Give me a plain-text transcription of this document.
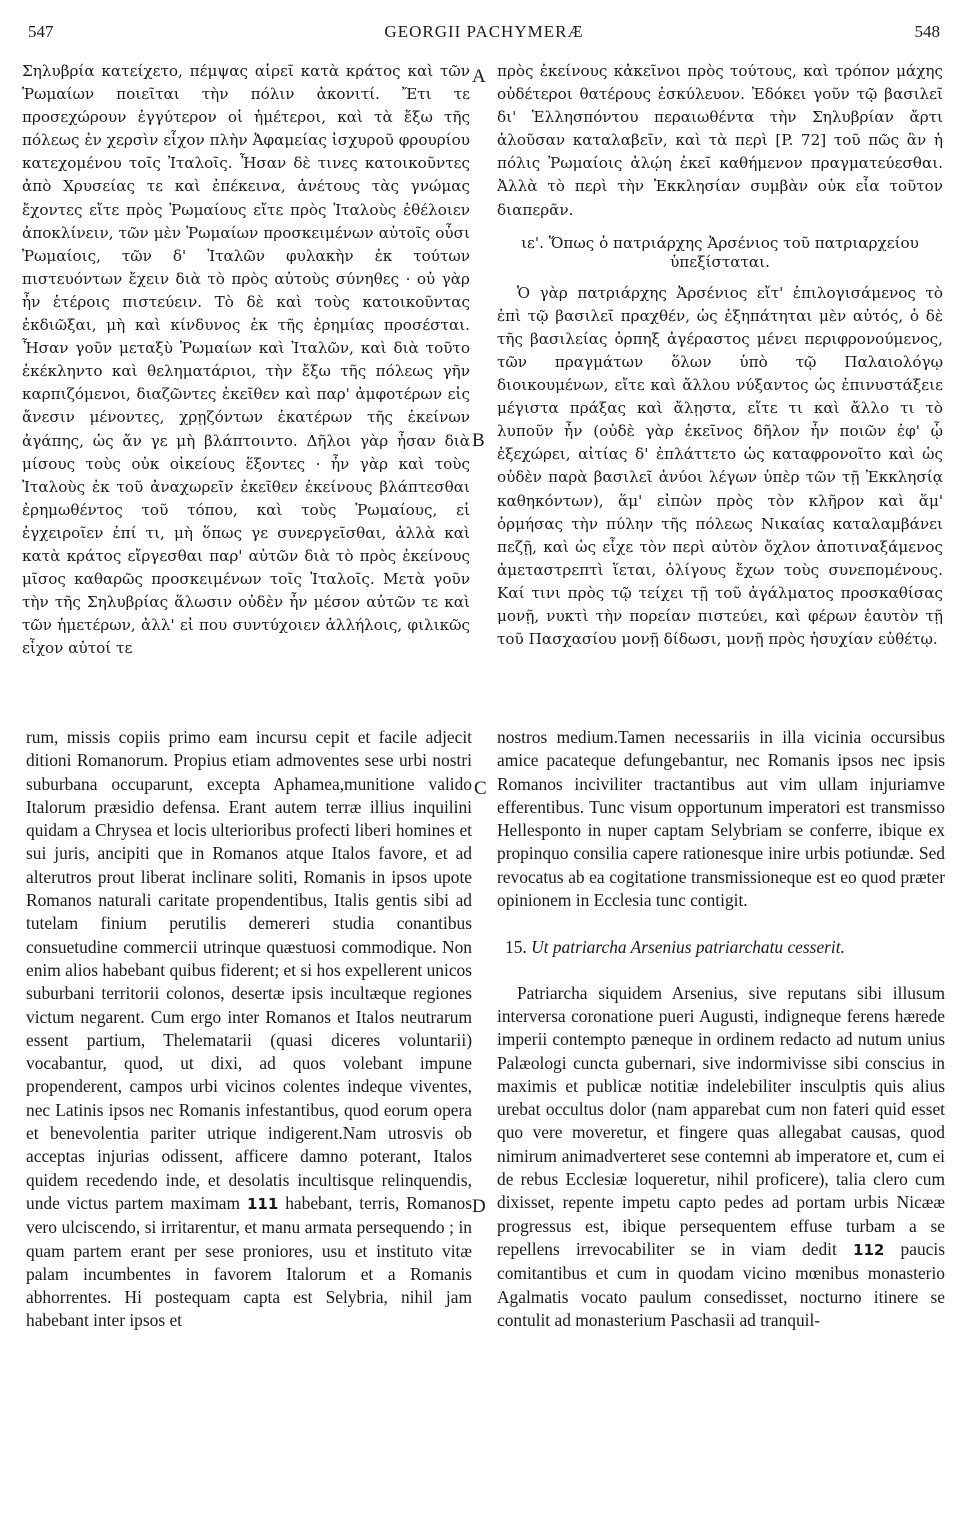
547	GEORGII PACHYMERÆ	548

Σηλυβρία κατείχετο, πέμψας αἱρεῖ κατὰ κράτος καὶ τῶν Ῥωμαίων ποιεῖται τὴν πόλιν ἀκονιτί. Ἔτι τε προσεχώρουν ἐγγύτερον οἱ ἡμέτεροι, καὶ τὰ ἔξω τῆς πόλεως ἐν χερσὶν εἶχον πλὴν Ἀφαμείας ἰσχυροῦ φρουρίου κατεχομένου τοῖς Ἰταλοῖς. Ἦσαν δὲ τινες κατοικοῦντες ἀπὸ Χρυσείας τε καὶ ἐπέκεινα, ἀνέτους τὰς γνώμας ἔχοντες εἴτε πρὸς Ῥωμαίους εἴτε πρὸς Ἰταλοὺς ἐθέλοιεν ἀποκλίνειν, τῶν μὲν Ῥωμαίων προσκειμένων αὐτοῖς οὖσι Ῥωμαίοις, τῶν δ' Ἰταλῶν φυλακὴν ἐκ τούτων πιστευόντων ἔχειν διὰ τὸ πρὸς αὐτοὺς σύνηθες · οὐ γὰρ ἦν ἑτέροις πιστεύειν. Τὸ δὲ καὶ τοὺς κατοικοῦντας ἐκδιῶξαι, μὴ καὶ κίνδυνος ἐκ τῆς ἐρημίας προσέσται. Ἦσαν γοῦν μεταξὺ Ῥωμαίων καὶ Ἰταλῶν, καὶ διὰ τοῦτο ἐκέκληντο καὶ θεληματάριοι, τὴν ἔξω τῆς πόλεως γῆν καρπιζόμενοι, διαζῶντες ἐκεῖθεν καὶ παρ' ἀμφοτέρων εἰς ἄνεσιν μένοντες, χρῃζόντων ἑκατέρων τῆς ἐκείνων ἀγάπης, ὡς ἄν γε μὴ βλάπτοιντο. Δῆλοι γὰρ ἦσαν διὰ μίσους τοὺς οὐκ οἰκείους ἕξοντες · ἦν γὰρ καὶ τοὺς Ἰταλοὺς ἐκ τοῦ ἀναχωρεῖν ἐκεῖθεν ἐκείνους βλάπτεσθαι ἐρημωθέντος τοῦ τόπου, καὶ τοὺς Ῥωμαίους, εἰ ἐγχειροῖεν ἐπί τι, μὴ ὅπως γε συνεργεῖσθαι, ἀλλὰ καὶ κατὰ κράτος εἴργεσθαι παρ' αὐτῶν διὰ τὸ πρὸς ἐκείνους μῖσος καθαρῶς προσκειμένων τοῖς Ἰταλοῖς. Μετὰ γοῦν τὴν τῆς Σηλυβρίας ἅλωσιν οὐδὲν ἦν μέσον αὐτῶν τε καὶ τῶν ἡμετέρων, ἀλλ' εἰ που συντύχοιεν ἀλλήλοις, φιλικῶς εἶχον αὐτοί τε

πρὸς ἐκείνους κἀκεῖνοι πρὸς τούτους, καὶ τρόπον μάχης οὐδέτεροι θατέρους ἐσκύλευον. Ἐδόκει γοῦν τῷ βασιλεῖ δι' Ἑλλησπόντου περαιωθέντα τὴν Σηλυβρίαν ἄρτι ἁλοῦσαν καταλαβεῖν, καὶ τὰ περὶ [P. 72] τοῦ πῶς ἂν ἡ πόλις Ῥωμαίοις ἁλῴη ἐκεῖ καθήμενον πραγματεύεσθαι. Ἀλλὰ τὸ περὶ τὴν Ἐκκλησίαν συμβὰν οὐκ εἶα τοῦτον διαπερᾶν.

ιε'. Ὅπως ὁ πατριάρχης Ἀρσένιος τοῦ πατριαρχείου ὑπεξίσταται.

Ὁ γὰρ πατριάρχης Ἀρσένιος εἴτ' ἐπιλογισάμενος τὸ ἐπὶ τῷ βασιλεῖ πραχθέν, ὡς ἐξηπάτηται μὲν αὐτός, ὁ δὲ τῆς βασιλείας ὀρπηξ ἀγέραστος μένει περιφρονούμενος, τῶν πραγμάτων ὅλων ὑπὸ τῷ Παλαιολόγῳ διοικουμένων, εἴτε καὶ ἄλλου νύξαντος ὡς ἐπινυστάξειε μέγιστα πράξας καὶ ἄλῃστα, εἴτε τι καὶ ἄλλο τι τὸ λυποῦν ἦν (οὐδὲ γὰρ ἐκεῖνος δῆλον ἦν ποιῶν ἐφ' ᾧ ἐξεχώρει, αἰτίας δ' ἐπλάττετο ὡς καταφρονοῖτο καὶ ὡς οὐδὲν παρὰ βασιλεῖ ἀνύοι λέγων ὑπὲρ τῶν τῇ Ἐκκλησίᾳ καθηκόντων), ἅμ' εἰπὼν πρὸς τὸν κλῆρον καὶ ἅμ' ὁρμήσας τὴν πύλην τῆς πόλεως Νικαίας καταλαμβάνει πεζῇ, καὶ ὡς εἶχε τὸν περὶ αὐτὸν ὄχλον ἀποτιναξάμενος ἀμεταστρεπτὶ ἵεται, ὀλίγους ἔχων τοὺς συνεπομένους. Καί τινι πρὸς τῷ τείχει τῇ τοῦ ἀγάλματος προσκαθίσας μονῇ, νυκτὶ τὴν πορείαν πιστεύει, καὶ φέρων ἑαυτὸν τῇ τοῦ Πασχασίου μονῇ δίδωσι, μονῇ πρὸς ἡσυχίαν εὐθέτῳ.

A
B
C
D

rum, missis copiis primo eam incursu cepit et facile adjecit ditioni Romanorum. Propius etiam admoventes sese urbi nostri suburbana occuparunt, excepta Aphamea,munitione valido Italorum præsidio defensa. Erant autem terræ illius inquilini quidam a Chrysea et locis ulterioribus profecti liberi homines et sui juris, ancipiti que in Romanos atque Italos favore, et ad alterutros prout liberat inclinare soliti, Romanis in ipsos upote Romanos naturali caritate propendentibus, Italis gentis sibi ad tutelam finium perutilis demereri studia conantibus consuetudine commercii utrinque quæstuosi commodique. Non enim alios habebant quibus fiderent; et si hos expellerent unicos suburbani territorii colonos, desertæ ipsis incultæque regiones victum negarent. Cum ergo inter Romanos et Italos neutrarum essent partium, Thelematarii (quasi diceres voluntarii) vocabantur, quod, ut dixi, ad quos volebant impune propenderent, campos urbi vicinos colentes indeque viventes, nec Latinis ipsos nec Romanis infestantibus, quod eorum opera et benevolentia pariter utrique indigerent.Nam utrosvis ob acceptas injurias odissent, afficere damno poterant, Italos quidem recedendo inde, et desolatis incultisque relinquendis, unde victus partem maximam 111 habebant, terris, Romanos vero ulciscendo, si irritarentur, et manu armata persequendo ; in quam partem erant per sese proniores, usu et instituto vitæ palam incumbentes in favorem Italorum et a Romanis abhorrentes. Hi postequam capta est Selybria, nihil jam habebant inter ipsos et

nostros medium.Tamen necessariis in illa vicinia occursibus amice pacateque defungebantur, nec Romanis ipsos nec ipsis Romanos inciviliter tractantibus aut vim ullam injuriamve efferentibus. Tunc visum opportunum imperatori est transmisso Hellesponto in nuper captam Selybriam se conferre, ibique ex propinquo consilia capere rationesque inire urbis potiundæ. Sed revocatus ab ea cogitatione transmissioneque est eo quod præter opinionem in Ecclesia tunc contigit.

15. Ut patriarcha Arsenius patriarchatu cesserit.

Patriarcha siquidem Arsenius, sive reputans sibi illusum interversa coronatione pueri Augusti, indigneque ferens hærede imperii contempto pæneque in ordinem redacto ad nutum unius Palæologi cuncta gubernari, sive indormivisse sibi conscius in maximis et publicæ notitiæ indelebiliter insculptis quis alius urebat occultus dolor (nam apparebat cum non fateri quid esset quo vere moveretur, et fingere quas allegabat causas, quod nimirum animadverteret sese contemni ab imperatore et, cum ei de rebus Ecclesiæ loqueretur, nihil proficere), talia clero cum dixisset, repente impetu capto pedes ad portam urbis Nicææ progressus est, ibique persequentem effuse turbam a se repellens irrevocabiliter se in viam dedit 112 paucis comitantibus et cum in quodam vicino mœnibus monasterio Agalmatis vocato paulum consedisset, nocturno itinere se contulit ad monasterium Paschasii ad tranquil-
